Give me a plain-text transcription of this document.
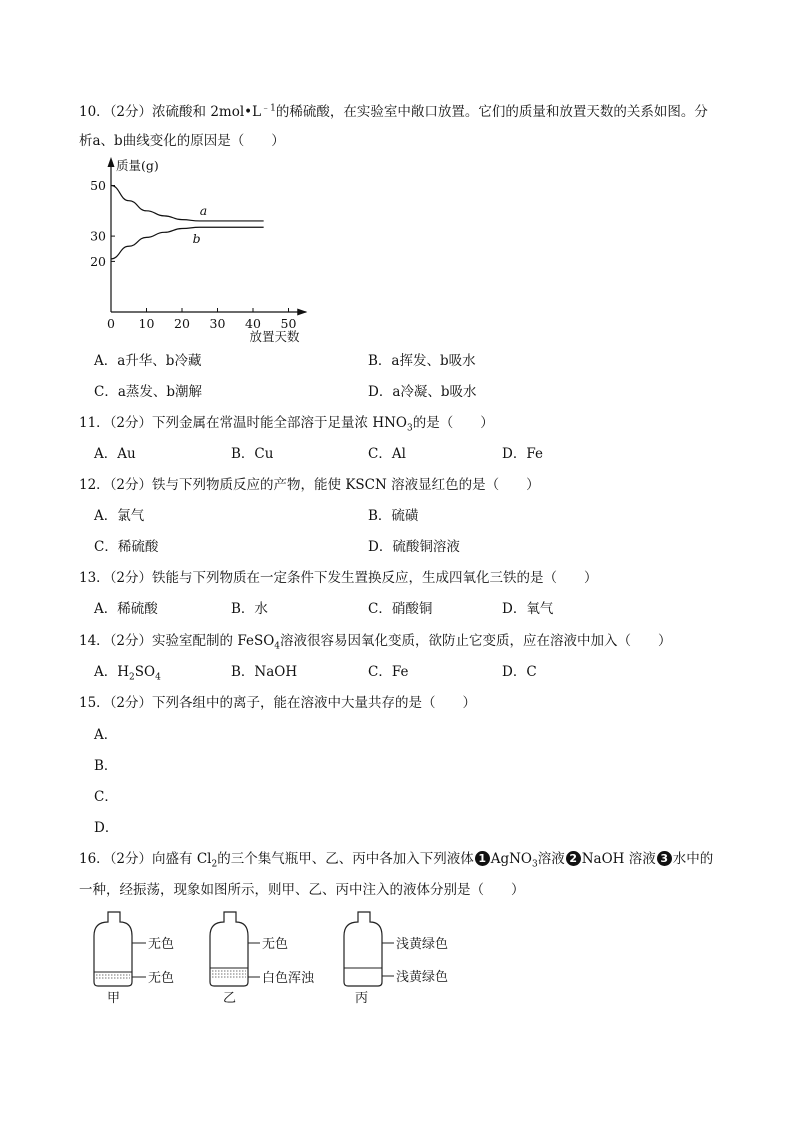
10．（2分）浓硫酸和 $2mol•L^{﹣1}$的稀硫酸，在实验室中敞口放置。它们的质量和放置天数的关系如图。分
析a、b曲线变化的原因是（　　）
质量(g)
放置天数
0 10 20 30 40 50
20
30
50
a
b
A．a升华、b冷藏	B．a挥发、b吸水
C．a蒸发、b潮解	D．a冷凝、b吸水
11．（2分）下列金属在常温时能全部溶于足量浓 $HNO_3$的是（　　）
A．Au	B．Cu	C．Al	D．Fe
12．（2分）铁与下列物质反应的产物，能使 KSCN 溶液显红色的是（　　）
A．氯气	B．硫磺
C．稀硫酸	D．硫酸铜溶液
13．（2分）铁能与下列物质在一定条件下发生置换反应，生成四氧化三铁的是（　　）
A．稀硫酸	B．水	C．硝酸铜	D．氧气
14．（2分）实验室配制的 FeSO$_4$溶液很容易因氧化变质，欲防止它变质，应在溶液中加入（　　）
A．$H_2SO_4$	B．NaOH	C．Fe	D．C
15．（2分）下列各组中的离子，能在溶液中大量共存的是（　　）
A．
B．
C．
D．
16．（2分）向盛有 $Cl_2$的三个集气瓶甲、乙、丙中各加入下列液体 1 AgNO$_3$溶液 2 NaOH 溶液 3 水中的
一种，经振荡，现象如图所示，则甲、乙、丙中注入的液体分别是（　　）
无色
无色
甲
无色
白色浑浊
乙
浅黄绿色
浅黄绿色
丙
